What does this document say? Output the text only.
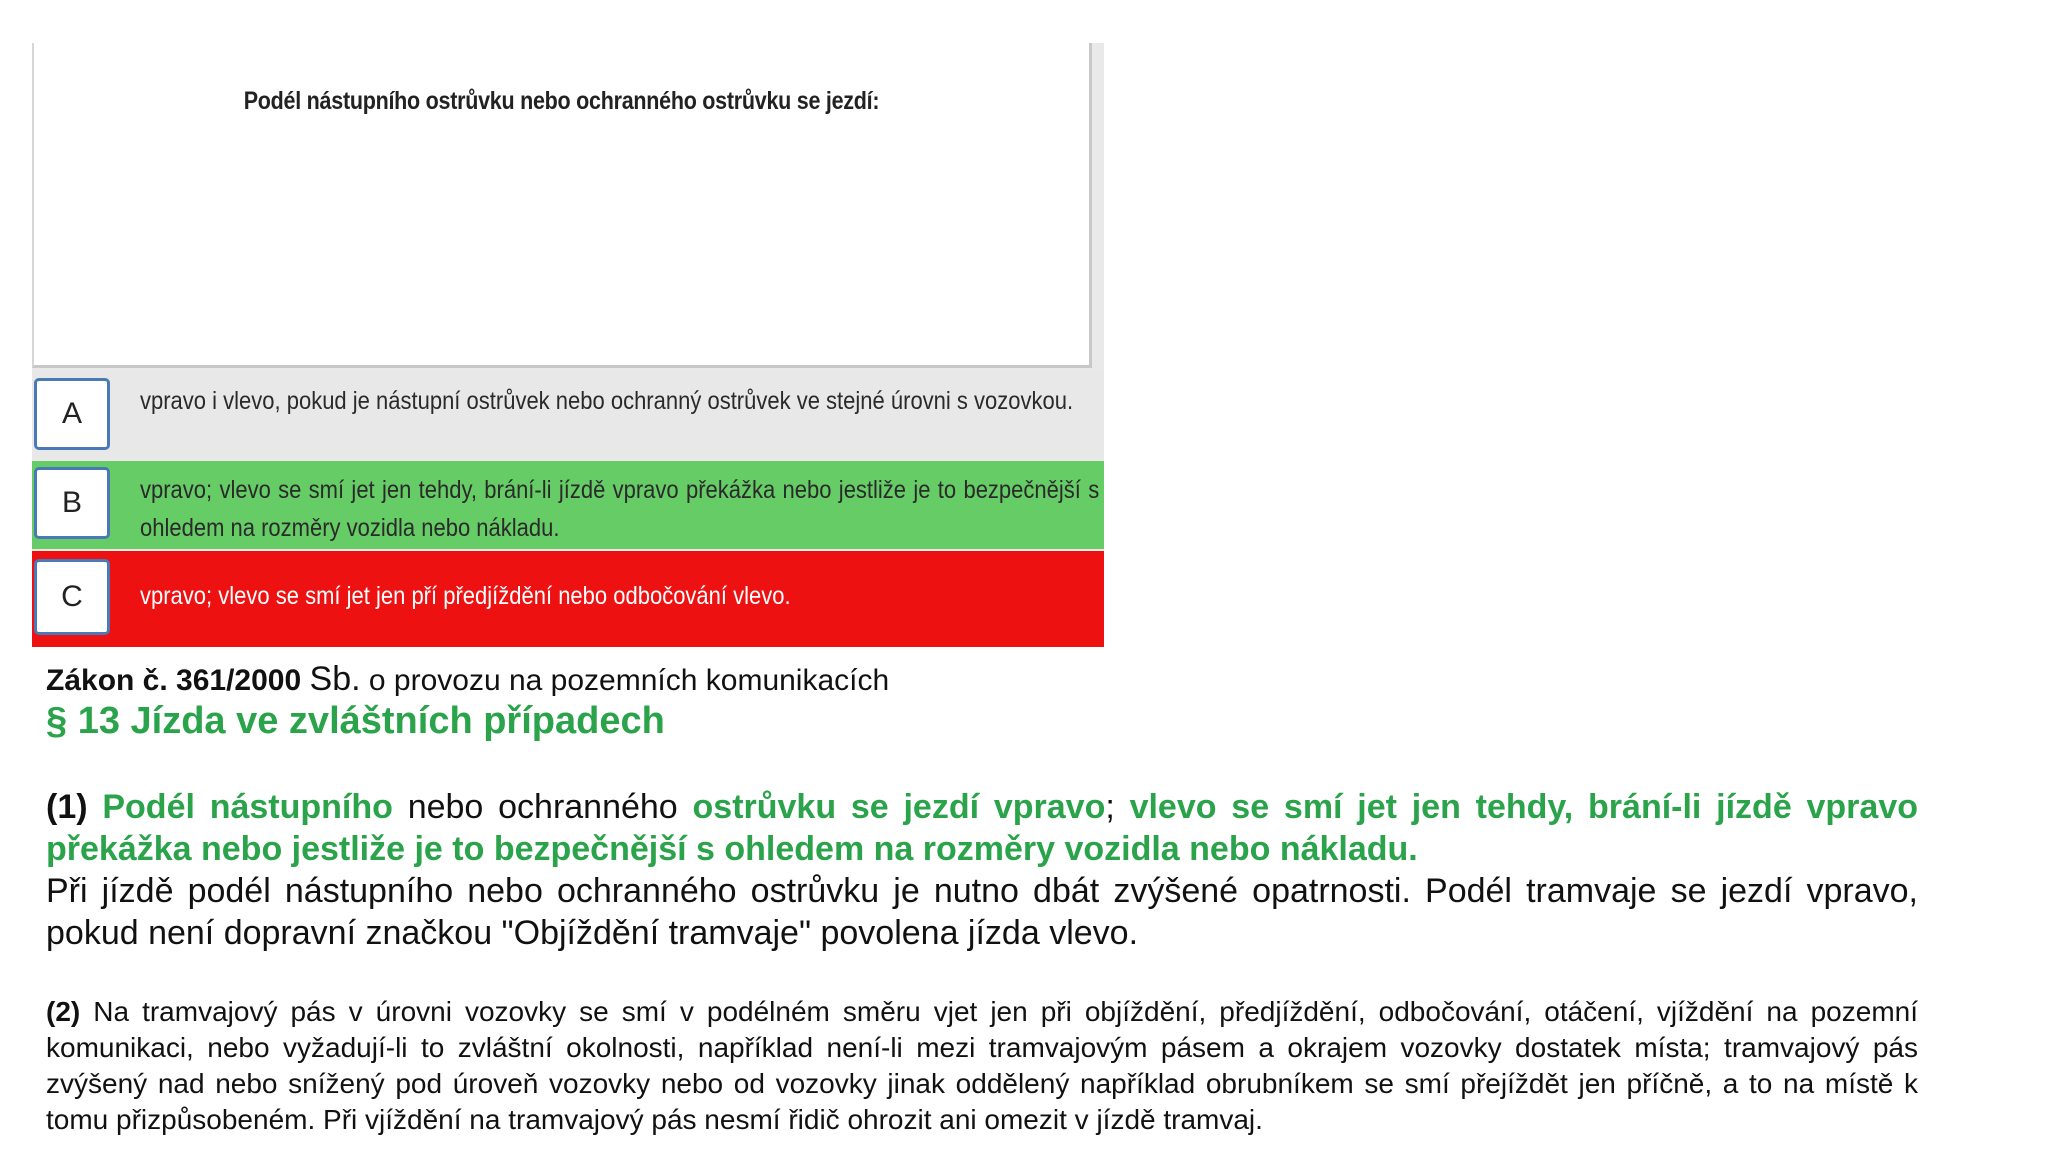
Podél nástupního ostrůvku nebo ochranného ostrůvku se jezdí:
A	vpravo i vlevo, pokud je nástupní ostrůvek nebo ochranný ostrůvek ve stejné úrovni s vozovkou.
B	vpravo; vlevo se smí jet jen tehdy, brání-li jízdě vpravo překážka nebo jestliže je to bezpečnější s ohledem na rozměry vozidla nebo nákladu.
C	vpravo; vlevo se smí jet jen pří předjíždění nebo odbočování vlevo.
Zákon č. 361/2000 Sb. o provozu na pozemních komunikacích
§ 13 Jízda ve zvláštních případech
(1) Podél nástupního nebo ochranného ostrůvku se jezdí vpravo; vlevo se smí jet jen tehdy, brání-li jízdě vpravo překážka nebo jestliže je to bezpečnější s ohledem na rozměry vozidla nebo nákladu.
Při jízdě podél nástupního nebo ochranného ostrůvku je nutno dbát zvýšené opatrnosti. Podél tramvaje se jezdí vpravo, pokud není dopravní značkou "Objíždění tramvaje" povolena jízda vlevo.
(2) Na tramvajový pás v úrovni vozovky se smí v podélném směru vjet jen při objíždění, předjíždění, odbočování, otáčení, vjíždění na pozemní komunikaci, nebo vyžadují-li to zvláštní okolnosti, například není-li mezi tramvajovým pásem a okrajem vozovky dostatek místa; tramvajový pás zvýšený nad nebo snížený pod úroveň vozovky nebo od vozovky jinak oddělený například obrubníkem se smí přejíždět jen příčně, a to na místě k tomu přizpůsobeném. Při vjíždění na tramvajový pás nesmí řidič ohrozit ani omezit v jízdě tramvaj.
